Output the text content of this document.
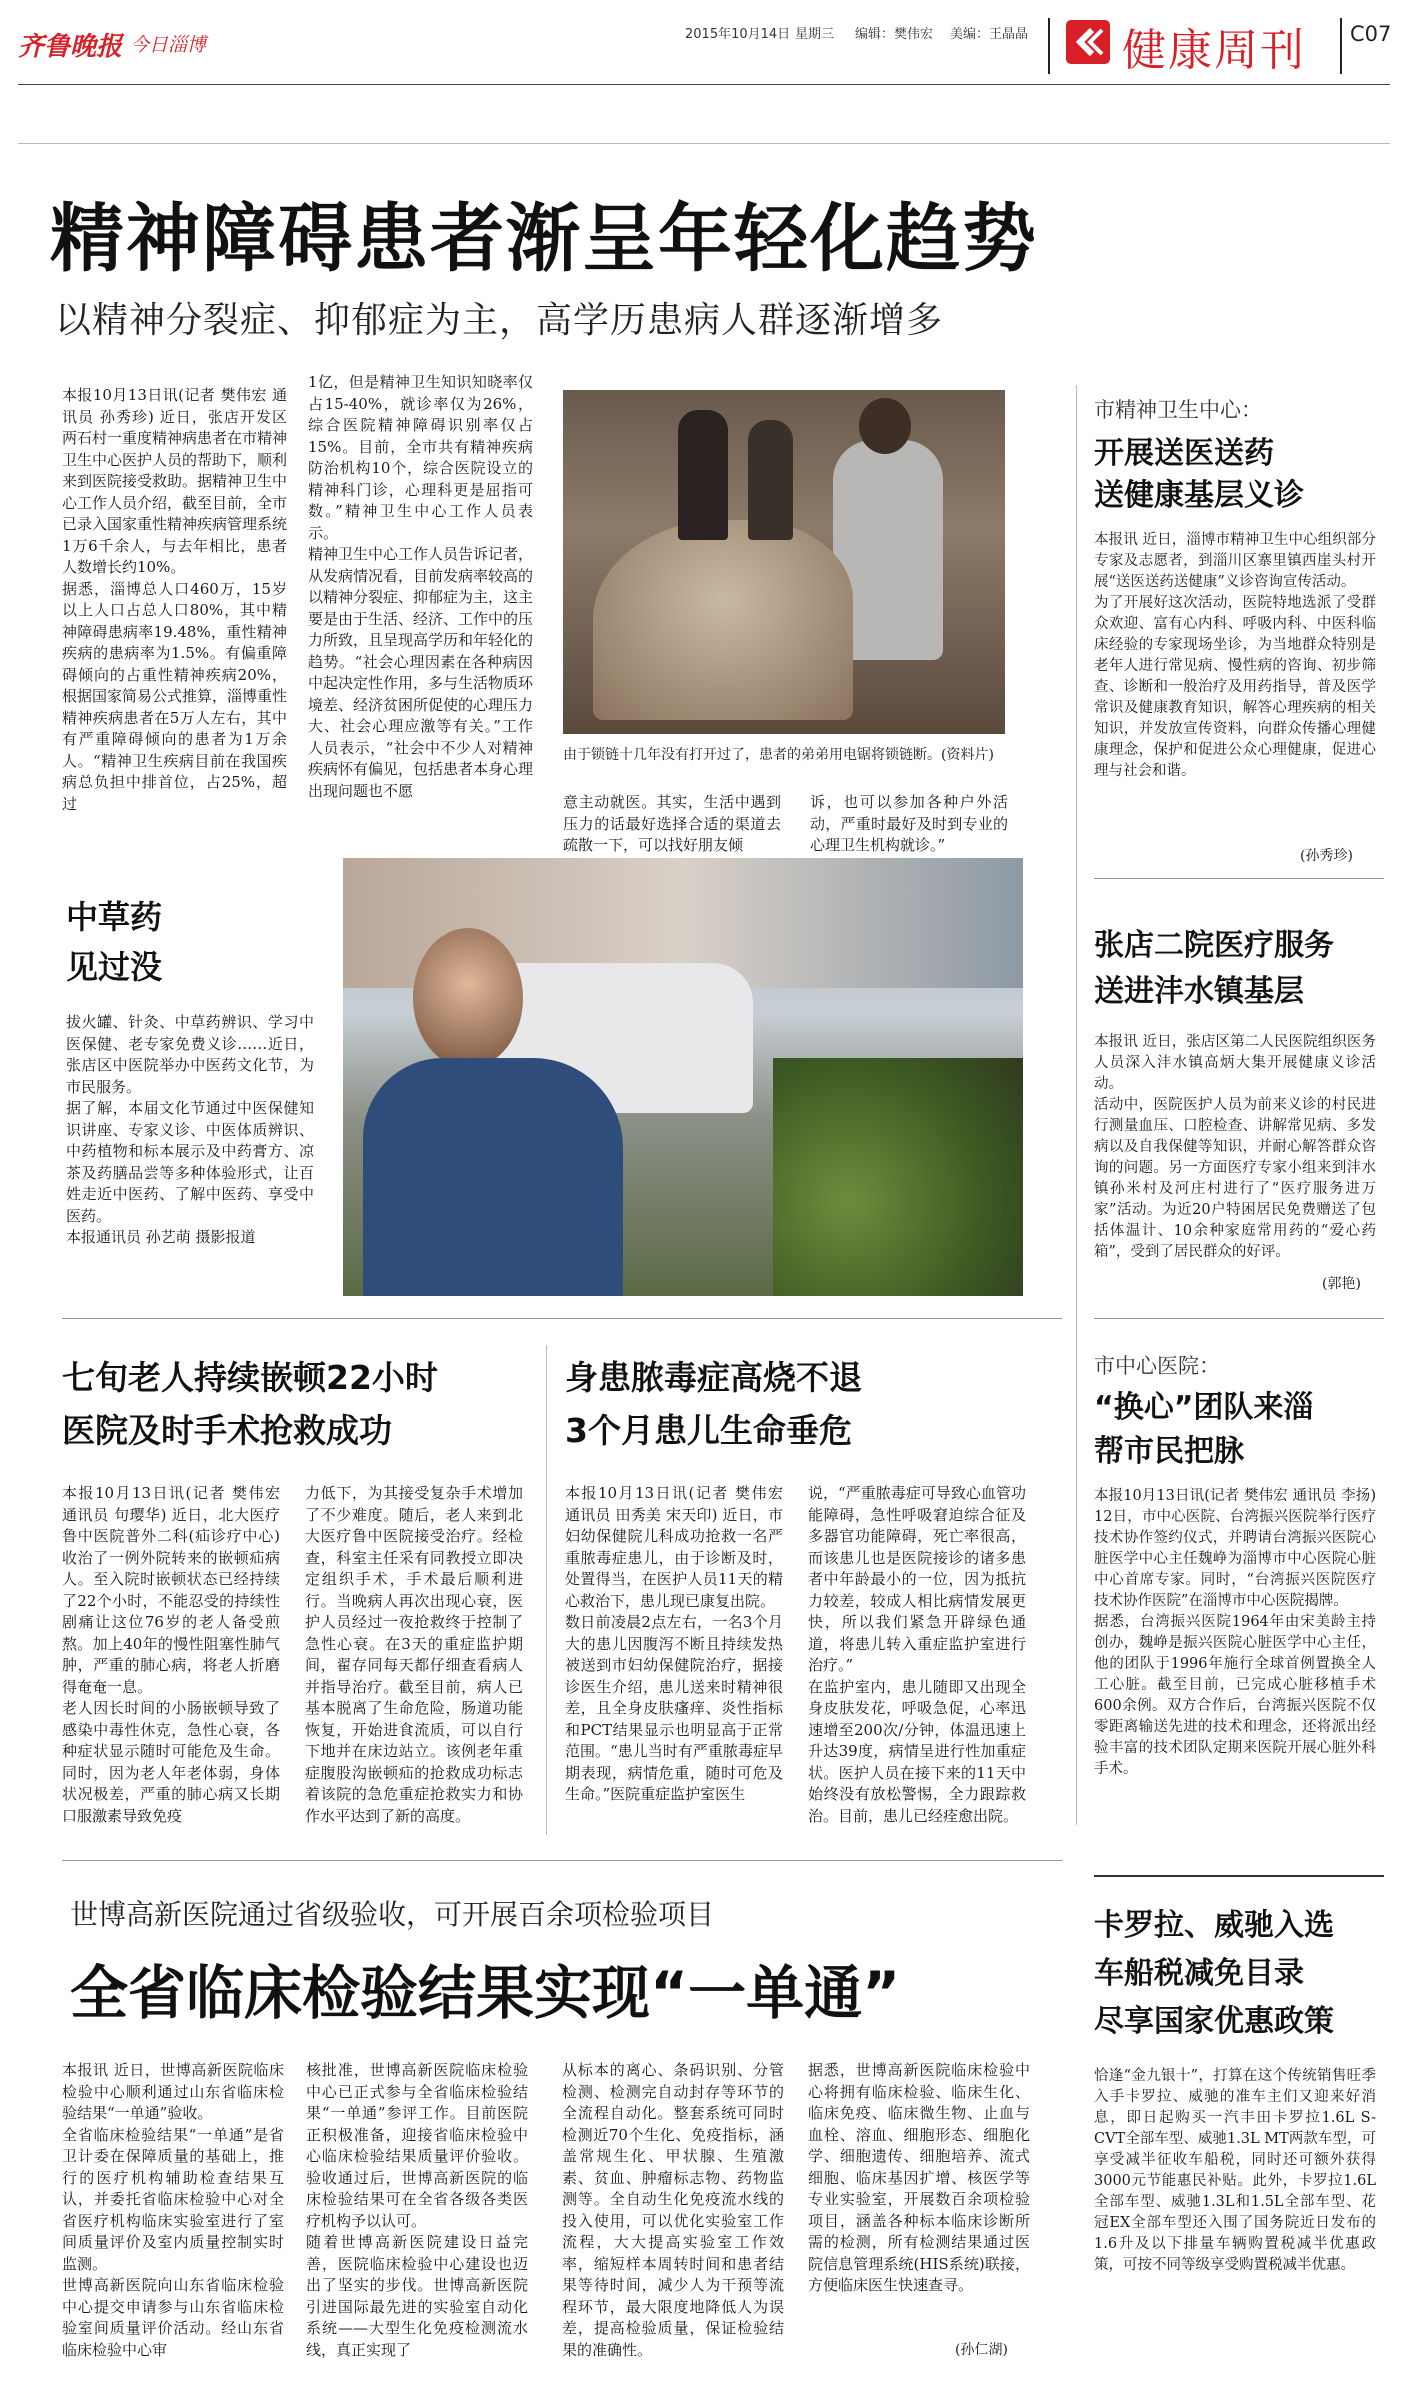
齐鲁晚报 今日淄博	2015年10月14日 星期三 编辑：樊伟宏 美编：王晶晶 健康周刊 C07
精神障碍患者渐呈年轻化趋势
以精神分裂症、抑郁症为主，高学历患病人群逐渐增多
本报10月13日讯(记者 樊伟宏 通讯员 孙秀珍) 近日，张店开发区两石村一重度精神病患者在市精神卫生中心医护人员的帮助下，顺利来到医院接受救助。据精神卫生中心工作人员介绍，截至目前，全市已录入国家重性精神疾病管理系统1万6千余人，与去年相比，患者人数增长约10%。
据悉，淄博总人口460万，15岁以上人口占总人口80%，其中精神障碍患病率19.48%，重性精神疾病的患病率为1.5%。有偏重障碍倾向的占重性精神疾病20%，根据国家简易公式推算，淄博重性精神疾病患者在5万人左右，其中有严重障碍倾向的患者为1万余人。“精神卫生疾病目前在我国疾病总负担中排首位，占25%，超过
1亿，但是精神卫生知识知晓率仅占15-40%，就诊率仅为26%，综合医院精神障碍识别率仅占15%。目前，全市共有精神疾病防治机构10个，综合医院设立的精神科门诊，心理科更是屈指可数。”精神卫生中心工作人员表示。
精神卫生中心工作人员告诉记者，从发病情况看，目前发病率较高的以精神分裂症、抑郁症为主，这主要是由于生活、经济、工作中的压力所致，且呈现高学历和年轻化的趋势。“社会心理因素在各种病因中起决定性作用，多与生活物质环境差、经济贫困所促使的心理压力大、社会心理应激等有关。”工作人员表示，“社会中不少人对精神疾病怀有偏见，包括患者本身心理出现问题也不愿
由于锁链十几年没有打开过了，患者的弟弟用电锯将锁链断。(资料片)
意主动就医。其实，生活中遇到压力的话最好选择合适的渠道去疏散一下，可以找好朋友倾
诉，也可以参加各种户外活动，严重时最好及时到专业的心理卫生机构就诊。”
市精神卫生中心：
开展送医送药
送健康基层义诊
本报讯 近日，淄博市精神卫生中心组织部分专家及志愿者，到淄川区寨里镇西崖头村开展“送医送药送健康”义诊咨询宣传活动。
为了开展好这次活动，医院特地选派了受群众欢迎、富有心内科、呼吸内科、中医科临床经验的专家现场坐诊，为当地群众特别是老年人进行常见病、慢性病的咨询、初步筛查、诊断和一般治疗及用药指导，普及医学常识及健康教育知识，解答心理疾病的相关知识，并发放宣传资料，向群众传播心理健康理念，保护和促进公众心理健康，促进心理与社会和谐。
(孙秀珍)
中草药
见过没
拔火罐、针灸、中草药辨识、学习中医保健、老专家免费义诊……近日，张店区中医院举办中医药文化节，为市民服务。
据了解，本届文化节通过中医保健知识讲座、专家义诊、中医体质辨识、中药植物和标本展示及中药膏方、凉茶及药膳品尝等多种体验形式，让百姓走近中医药、了解中医药、享受中医药。
本报通讯员 孙艺萌 摄影报道
张店二院医疗服务
送进沣水镇基层
本报讯 近日，张店区第二人民医院组织医务人员深入沣水镇高炳大集开展健康义诊活动。
活动中，医院医护人员为前来义诊的村民进行测量血压、口腔检查、讲解常见病、多发病以及自我保健等知识，并耐心解答群众咨询的问题。另一方面医疗专家小组来到沣水镇孙米村及河庄村进行了“医疗服务进万家”活动。为近20户特困居民免费赠送了包括体温计、10余种家庭常用药的“爱心药箱”，受到了居民群众的好评。
(郭艳)
七旬老人持续嵌顿22小时
医院及时手术抢救成功
本报10月13日讯(记者 樊伟宏 通讯员 句璎华) 近日，北大医疗鲁中医院普外二科(疝诊疗中心)收治了一例外院转来的嵌顿疝病人。至入院时嵌顿状态已经持续了22个小时，不能忍受的持续性剧痛让这位76岁的老人备受煎熬。加上40年的慢性阻塞性肺气肿，严重的肺心病，将老人折磨得奄奄一息。
老人因长时间的小肠嵌顿导致了感染中毒性休克，急性心衰，各种症状显示随时可能危及生命。同时，因为老人年老体弱，身体状况极差，严重的肺心病又长期口服激素导致免疫
力低下，为其接受复杂手术增加了不少难度。随后，老人来到北大医疗鲁中医院接受治疗。经检查，科室主任采有同教授立即决定组织手术，手术最后顺利进行。当晚病人再次出现心衰，医护人员经过一夜抢救终于控制了急性心衰。在3天的重症监护期间，翟存同每天都仔细查看病人并指导治疗。截至目前，病人已基本脱离了生命危险，肠道功能恢复，开始进食流质，可以自行下地并在床边站立。该例老年重症腹股沟嵌顿疝的抢救成功标志着该院的急危重症抢救实力和协作水平达到了新的高度。
身患脓毒症高烧不退
3个月患儿生命垂危
本报10月13日讯(记者 樊伟宏 通讯员 田秀美 宋天印) 近日，市妇幼保健院儿科成功抢救一名严重脓毒症患儿，由于诊断及时，处置得当，在医护人员11天的精心救治下，患儿现已康复出院。
数日前凌晨2点左右，一名3个月大的患儿因腹泻不断且持续发热被送到市妇幼保健院治疗，据接诊医生介绍，患儿送来时精神很差，且全身皮肤瘙痒、炎性指标和PCT结果显示也明显高于正常范围。“患儿当时有严重脓毒症早期表现，病情危重，随时可危及生命。”医院重症监护室医生
说，“严重脓毒症可导致心血管功能障碍，急性呼吸窘迫综合征及多器官功能障碍，死亡率很高，而该患儿也是医院接诊的诸多患者中年龄最小的一位，因为抵抗力较差，较成人相比病情发展更快，所以我们紧急开辟绿色通道，将患儿转入重症监护室进行治疗。”
在监护室内，患儿随即又出现全身皮肤发花，呼吸急促，心率迅速增至200次/分钟，体温迅速上升达39度，病情呈进行性加重症状。医护人员在接下来的11天中始终没有放松警惕，全力跟踪救治。目前，患儿已经痊愈出院。
市中心医院：
“换心”团队来淄
帮市民把脉
本报10月13日讯(记者 樊伟宏 通讯员 李扬) 12日，市中心医院、台湾振兴医院举行医疗技术协作签约仪式，并聘请台湾振兴医院心脏医学中心主任魏峥为淄博市中心医院心脏中心首席专家。同时，“台湾振兴医院医疗技术协作医院”在淄博市中心医院揭牌。
据悉，台湾振兴医院1964年由宋美龄主持创办，魏峥是振兴医院心脏医学中心主任，他的团队于1996年施行全球首例置换全人工心脏。截至目前，已完成心脏移植手术600余例。双方合作后，台湾振兴医院不仅零距离输送先进的技术和理念，还将派出经验丰富的技术团队定期来医院开展心脏外科手术。
世博高新医院通过省级验收，可开展百余项检验项目
全省临床检验结果实现“一单通”
本报讯 近日，世博高新医院临床检验中心顺利通过山东省临床检验结果“一单通”验收。
全省临床检验结果“一单通”是省卫计委在保障质量的基础上，推行的医疗机构辅助检查结果互认，并委托省临床检验中心对全省医疗机构临床实验室进行了室间质量评价及室内质量控制实时监测。
世博高新医院向山东省临床检验中心提交申请参与山东省临床检验室间质量评价活动。经山东省临床检验中心审
核批准，世博高新医院临床检验中心已正式参与全省临床检验结果“一单通”参评工作。目前医院正积极准备，迎接省临床检验中心临床检验结果质量评价验收。验收通过后，世博高新医院的临床检验结果可在全省各级各类医疗机构予以认可。
随着世博高新医院建设日益完善，医院临床检验中心建设也迈出了坚实的步伐。世博高新医院引进国际最先进的实验室自动化系统——大型生化免疫检测流水线，真正实现了
从标本的离心、条码识别、分管检测、检测完自动封存等环节的全流程自动化。整套系统可同时检测近70个生化、免疫指标，涵盖常规生化、甲状腺、生殖激素、贫血、肿瘤标志物、药物监测等。全自动生化免疫流水线的投入使用，可以优化实验室工作流程，大大提高实验室工作效率，缩短样本周转时间和患者结果等待时间，减少人为干预等流程环节，最大限度地降低人为误差，提高检验质量，保证检验结果的准确性。
据悉，世博高新医院临床检验中心将拥有临床检验、临床生化、临床免疫、临床微生物、止血与血栓、溶血、细胞形态、细胞化学、细胞遗传、细胞培养、流式细胞、临床基因扩增、核医学等专业实验室，开展数百余项检验项目，涵盖各种标本临床诊断所需的检测，所有检测结果通过医院信息管理系统(HIS系统)联接，方便临床医生快速查寻。
(孙仁湖)
卡罗拉、威驰入选
车船税减免目录
尽享国家优惠政策
恰逢“金九银十”，打算在这个传统销售旺季入手卡罗拉、威驰的准车主们又迎来好消息，即日起购买一汽丰田卡罗拉1.6L S-CVT全部车型、威驰1.3L MT两款车型，可享受减半征收车船税，同时还可额外获得3000元节能惠民补贴。此外，卡罗拉1.6L全部车型、威驰1.3L和1.5L全部车型、花冠EX全部车型还入围了国务院近日发布的1.6升及以下排量车辆购置税减半优惠政策，可按不同等级享受购置税减半优惠。
